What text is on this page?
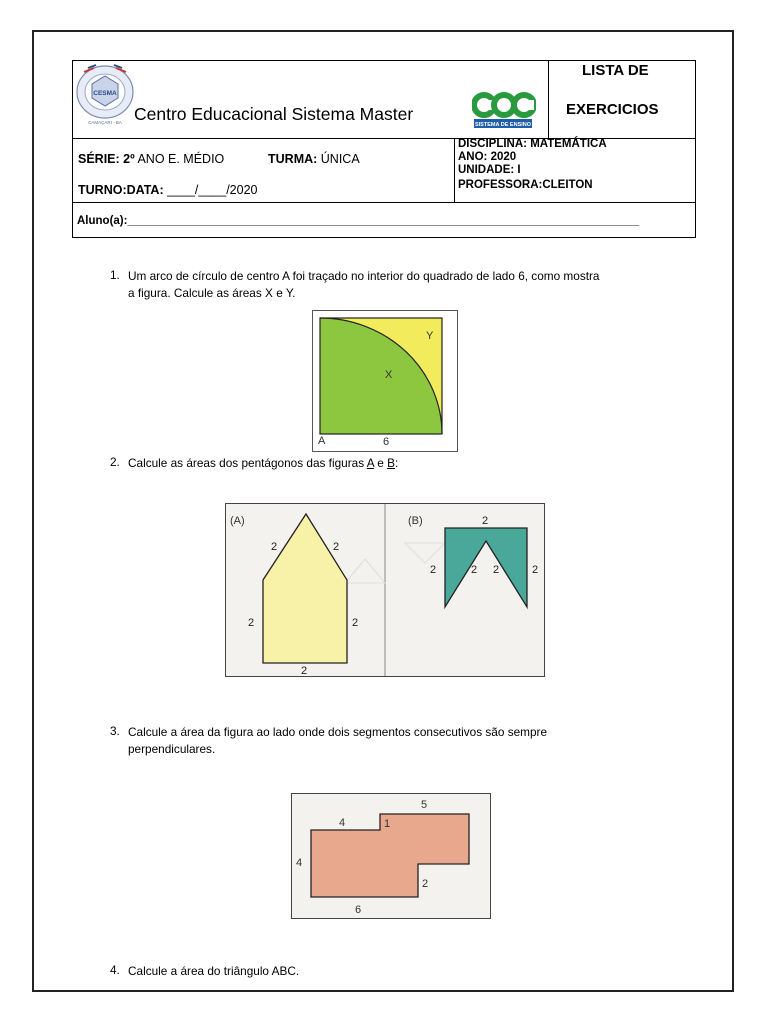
CESMA
CAMAÇARI - BA Centro Educacional Sistema Master
SISTEMA DE ENSINO
LISTA DE
EXERCICIOS
SÉRIE: 2º ANO E. MÉDIO	TURMA: ÚNICA
TURNO:DATA: ____/____/2020
DISCIPLINA: MATEMÁTICA
ANO: 2020
UNIDADE: I
PROFESSORA:CLEITON
Aluno(a):________________________________________________________________________________
1. Um arco de círculo de centro A foi traçado no interior do quadrado de lado 6, como mostra
a figura. Calcule as áreas X e Y.
Y
X
A	6
2. Calcule as áreas dos pentágonos das figuras A e B:
(A)
2	2
2	2
2
(B)	2
2	2 2	2
3. Calcule a área da figura ao lado onde dois segmentos consecutivos são sempre
perpendiculares.
5
4	1
4
2
6
4. Calcule a área do triângulo ABC.
